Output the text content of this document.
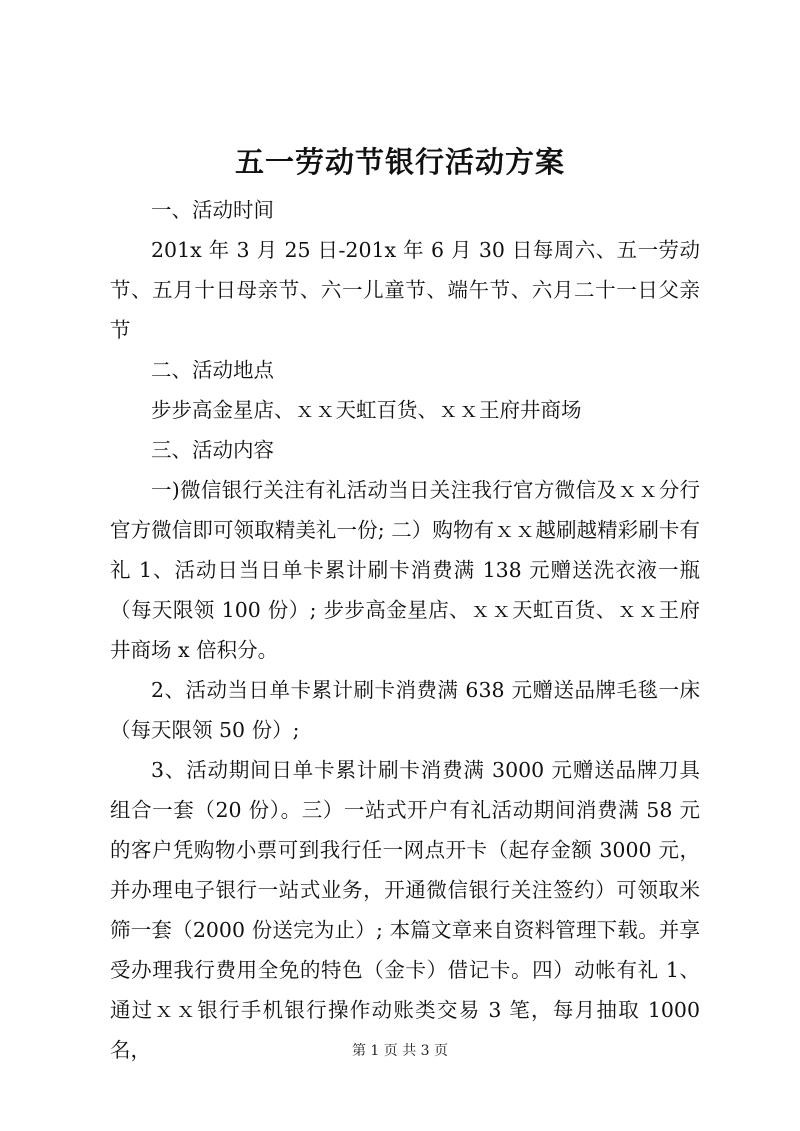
五一劳动节银行活动方案

一、活动时间

201x 年 3 月 25 日-201x 年 6 月 30 日每周六、五一劳动节、五月十日母亲节、六一儿童节、端午节、六月二十一日父亲节

二、活动地点

步步高金星店、ｘｘ天虹百货、ｘｘ王府井商场

三、活动内容

一)微信银行关注有礼活动当日关注我行官方微信及ｘｘ分行官方微信即可领取精美礼一份; 二）购物有ｘｘ越刷越精彩刷卡有礼 1、活动日当日单卡累计刷卡消费满 138 元赠送洗衣液一瓶（每天限领 100 份）; 步步高金星店、ｘｘ天虹百货、ｘｘ王府井商场 x 倍积分。

2、活动当日单卡累计刷卡消费满 638 元赠送品牌毛毯一床（每天限领 50 份）;

3、活动期间日单卡累计刷卡消费满 3000 元赠送品牌刀具组合一套（20 份）。三）一站式开户有礼活动期间消费满 58 元的客户凭购物小票可到我行任一网点开卡（起存金额 3000 元，并办理电子银行一站式业务，开通微信银行关注签约）可领取米筛一套（2000 份送完为止）; 本篇文章来自资料管理下载。并享受办理我行费用全免的特色（金卡）借记卡。四）动帐有礼 1、通过ｘｘ银行手机银行操作动账类交易 3 笔，每月抽取 1000 名，	第 1 页 共 3 页
